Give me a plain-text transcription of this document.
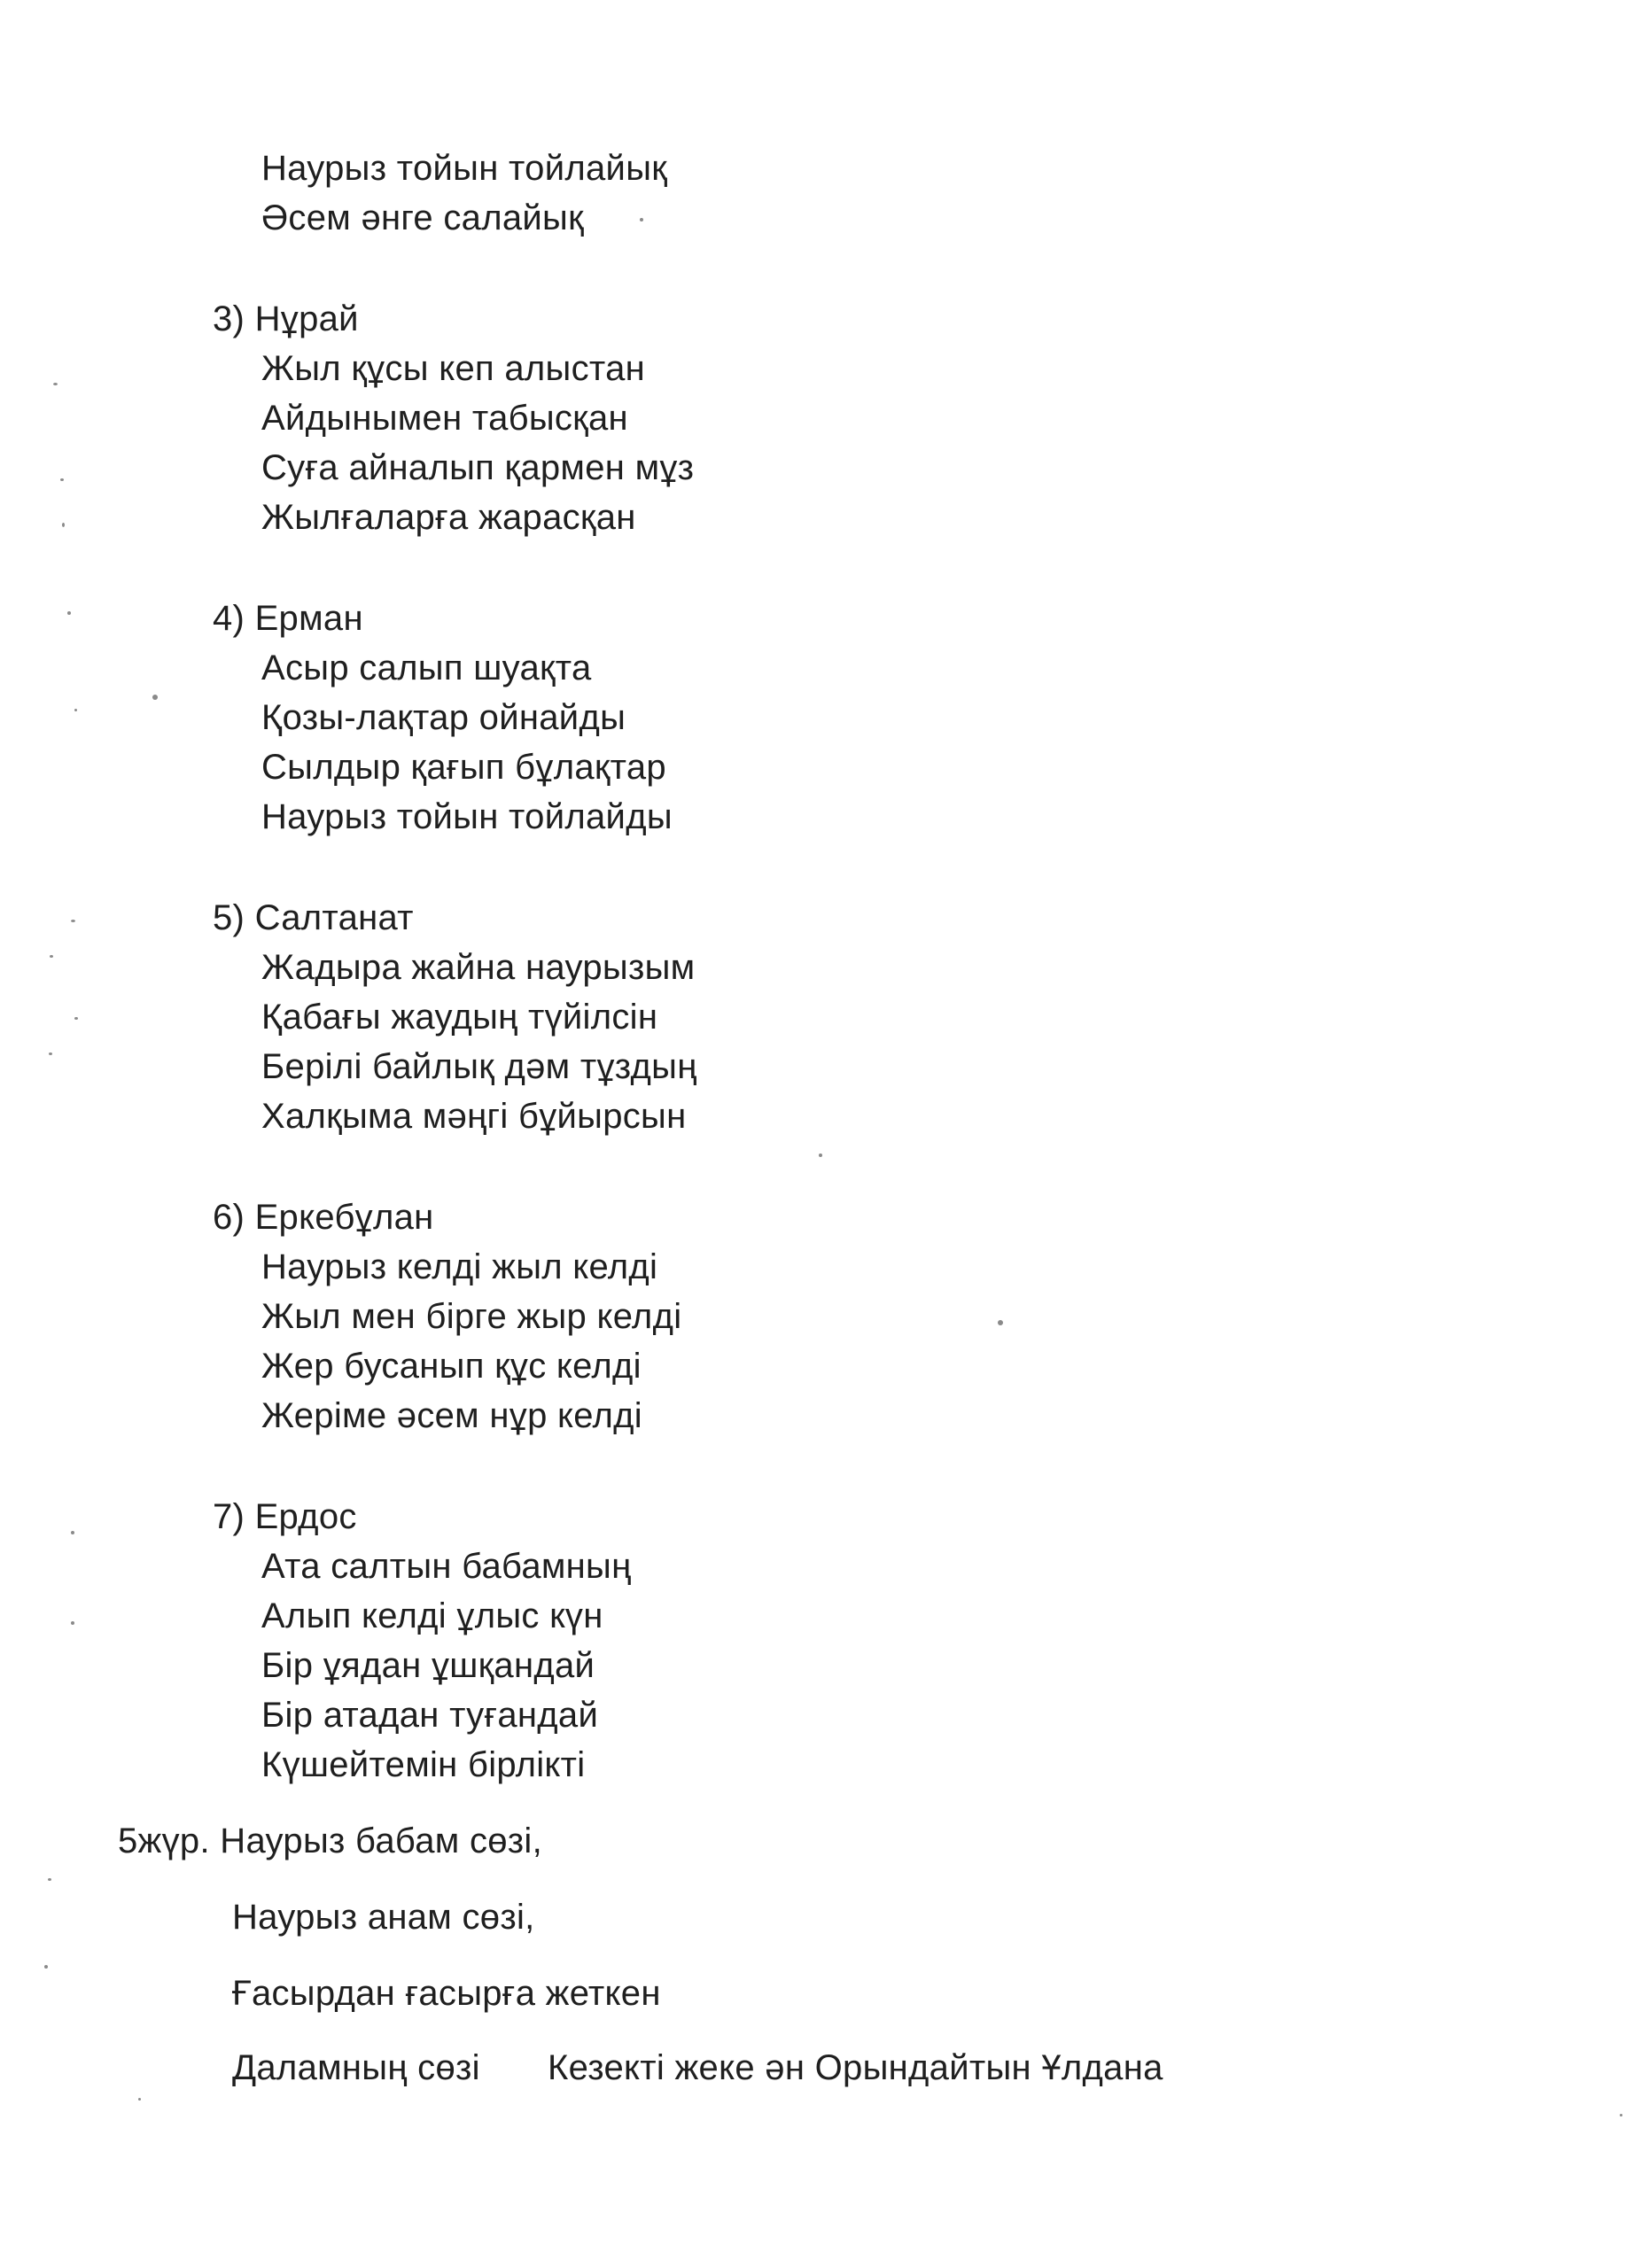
Наурыз тойын тойлайық
Әсем әнге салайық
3) Нұрай
Жыл құсы кеп алыстан
Айдынымен табысқан
Суға айналып қармен мұз
Жылғаларға жарасқан
4) Ерман
Асыр салып шуақта
Қозы-лақтар ойнайды
Сылдыр қағып бұлақтар
Наурыз тойын тойлайды
5) Салтанат
Жадыра жайна наурызым
Қабағы жаудың түйілсін
Берілі байлық дәм тұздың
Халқыма мәңгі бұйырсын
6) Еркебұлан
Наурыз келді жыл келді
Жыл мен бірге жыр келді
Жер бусанып құс келді
Жеріме әсем нұр келді
7) Ердос
Ата салтын бабамның
Алып келді ұлыс күн
Бір ұядан ұшқандай
Бір атадан туғандай
Күшейтемін бірлікті
5жүр. Наурыз бабам сөзі,
Наурыз анам сөзі,
Ғасырдан ғасырға жеткен
Даламның сөзі Кезекті жеке ән Орындайтын Ұлдана
